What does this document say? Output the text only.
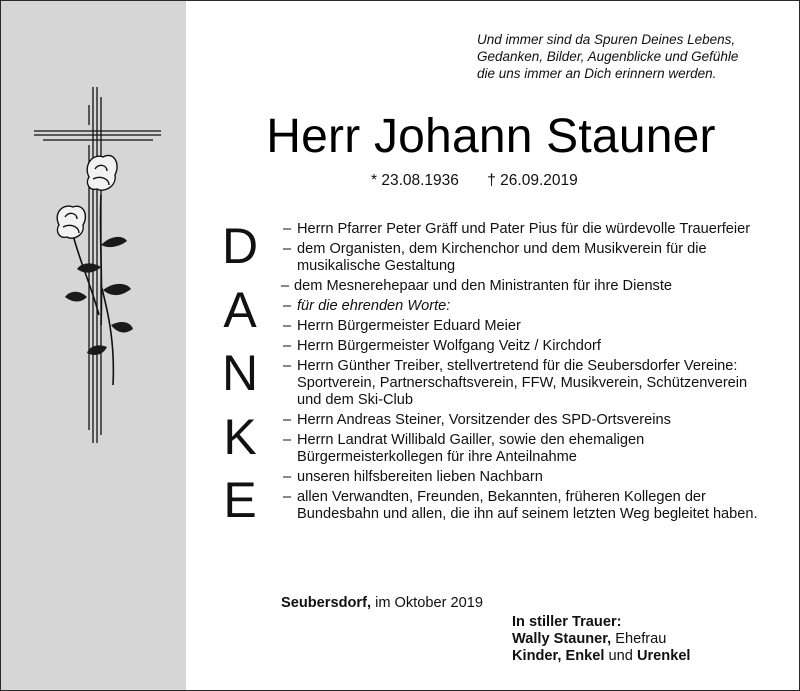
Und immer sind da Spuren Deines Lebens,
Gedanken, Bilder, Augenblicke und Gefühle
die uns immer an Dich erinnern werden.
Herr Johann Stauner
* 23.08.1936 † 26.09.2019
D
A
N
K
E
– Herrn Pfarrer Peter Gräff und Pater Pius für die würdevolle Trauerfeier
– dem Organisten, dem Kirchenchor und dem Musikverein für die musikalische Gestaltung
– dem Mesnerehepaar und den Ministranten für ihre Dienste
– für die ehrenden Worte:
– Herrn Bürgermeister Eduard Meier
– Herrn Bürgermeister Wolfgang Veitz / Kirchdorf
– Herrn Günther Treiber, stellvertretend für die Seubersdorfer Vereine: Sportverein, Partnerschaftsverein, FFW, Musikverein, Schützenverein und dem Ski-Club
– Herrn Andreas Steiner, Vorsitzender des SPD-Ortsvereins
– Herrn Landrat Willibald Gailler, sowie den ehemaligen Bürgermeisterkollegen für ihre Anteilnahme
– unseren hilfsbereiten lieben Nachbarn
– allen Verwandten, Freunden, Bekannten, früheren Kollegen der Bundesbahn und allen, die ihn auf seinem letzten Weg begleitet haben.
Seubersdorf, im Oktober 2019
In stiller Trauer:
Wally Stauner, Ehefrau
Kinder, Enkel und Urenkel
